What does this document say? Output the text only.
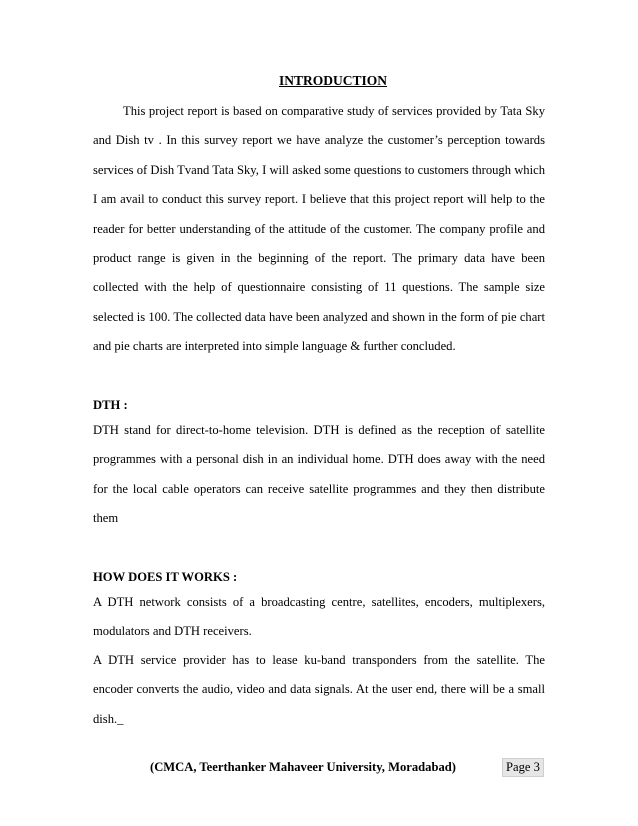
INTRODUCTION

This project report is based on comparative study of services provided by Tata Sky and Dish tv . In this survey report we have analyze the customer’s perception towards services of Dish Tvand Tata Sky, I will asked some questions to customers through which I am avail to conduct this survey report. I believe that this project report will help to the reader for better understanding of the attitude of the customer. The company profile and product range is given in the beginning of the report. The primary data have been collected with the help of questionnaire consisting of 11 questions. The sample size selected is 100. The collected data have been analyzed and shown in the form of pie chart and pie charts are interpreted into simple language & further concluded.

DTH :

DTH stand for direct-to-home television. DTH is defined as the reception of satellite programmes with a personal dish in an individual home. DTH does away with the need for the local cable operators can receive satellite programmes and they then distribute them

HOW DOES IT WORKS :

A DTH network consists of a broadcasting centre, satellites, encoders, multiplexers, modulators and DTH receivers.

A DTH service provider has to lease ku-band transponders from the satellite. The encoder converts the audio, video and data signals. At the user end, there will be a small dish._

(CMCA, Teerthanker Mahaveer University, Moradabad)	Page 3
